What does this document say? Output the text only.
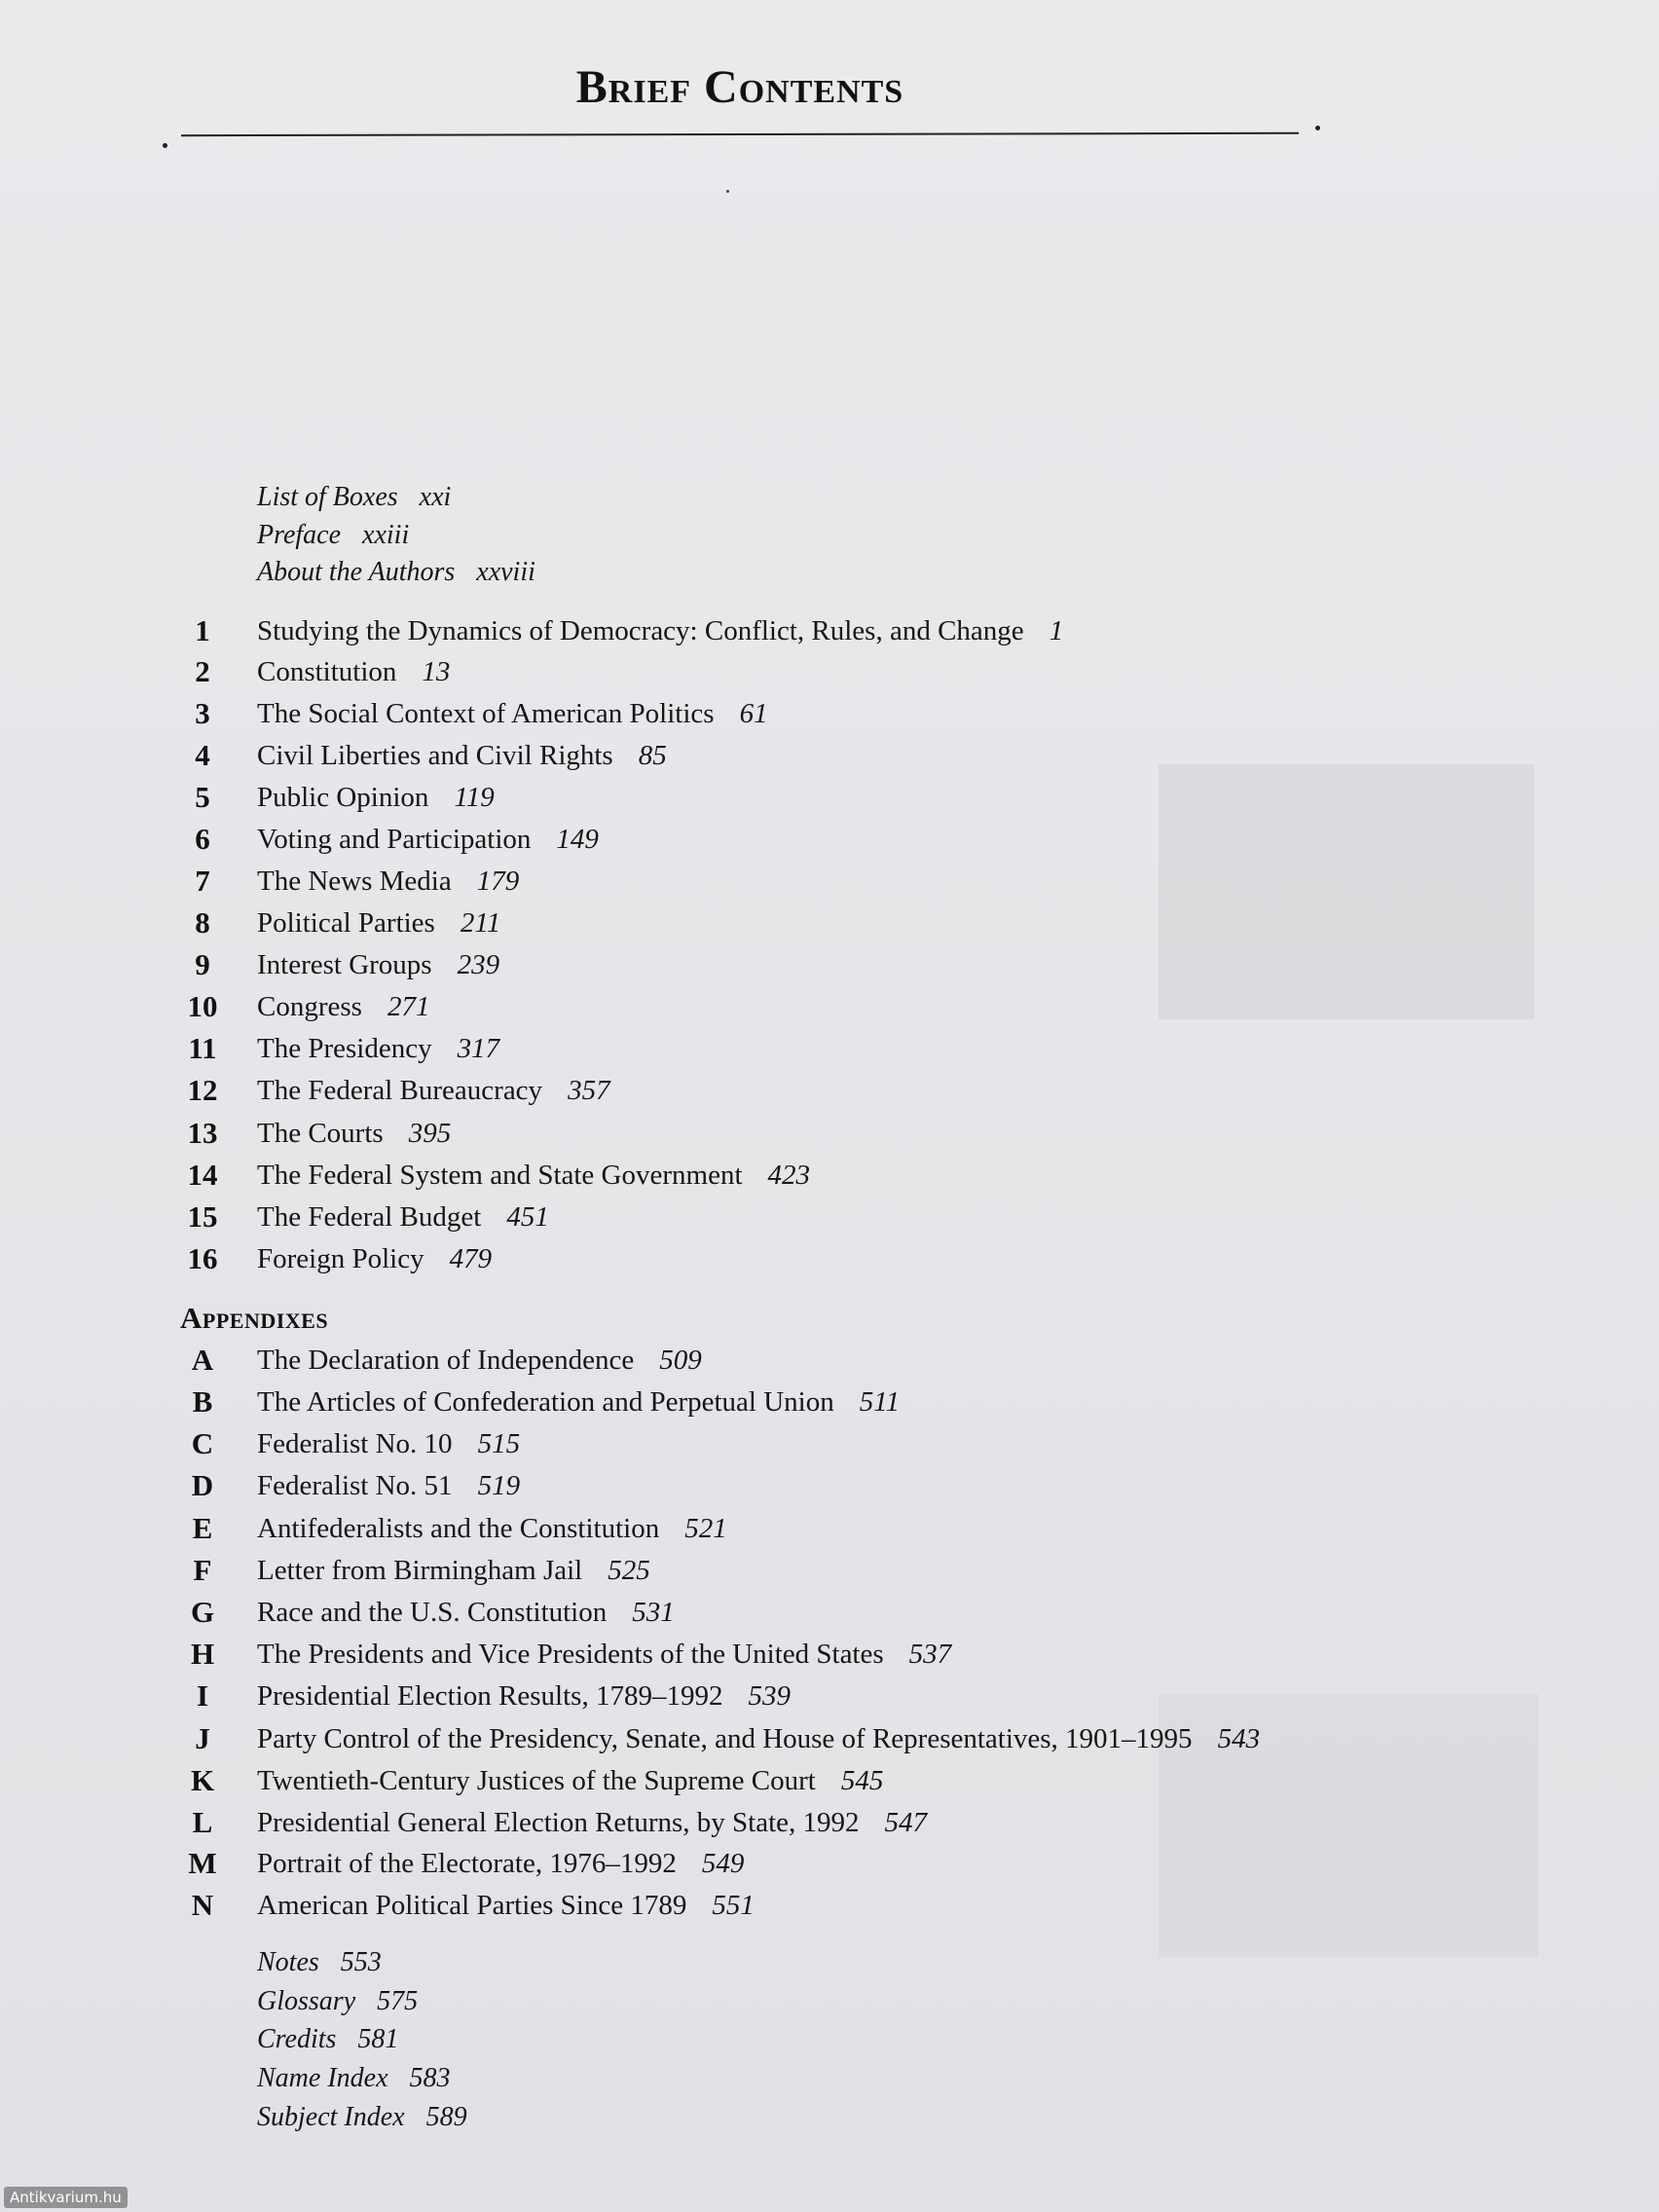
Brief Contents
List of Boxes xxi
Preface xxiii
About the Authors xxviii
1	Studying the Dynamics of Democracy: Conflict, Rules, and Change 1
2	Constitution 13
3	The Social Context of American Politics 61
4	Civil Liberties and Civil Rights 85
5	Public Opinion 119
6	Voting and Participation 149
7	The News Media 179
8	Political Parties 211
9	Interest Groups 239
10	Congress 271
11	The Presidency 317
12	The Federal Bureaucracy 357
13	The Courts 395
14	The Federal System and State Government 423
15	The Federal Budget 451
16	Foreign Policy 479
Appendixes
A	The Declaration of Independence 509
B	The Articles of Confederation and Perpetual Union 511
C	Federalist No. 10 515
D	Federalist No. 51 519
E	Antifederalists and the Constitution 521
F	Letter from Birmingham Jail 525
G	Race and the U.S. Constitution 531
H	The Presidents and Vice Presidents of the United States 537
I	Presidential Election Results, 1789–1992 539
J	Party Control of the Presidency, Senate, and House of Representatives, 1901–1995 543
K	Twentieth-Century Justices of the Supreme Court 545
L	Presidential General Election Returns, by State, 1992 547
M	Portrait of the Electorate, 1976–1992 549
N	American Political Parties Since 1789 551
Notes 553
Glossary 575
Credits 581
Name Index 583
Subject Index 589
Antikvarium.hu
